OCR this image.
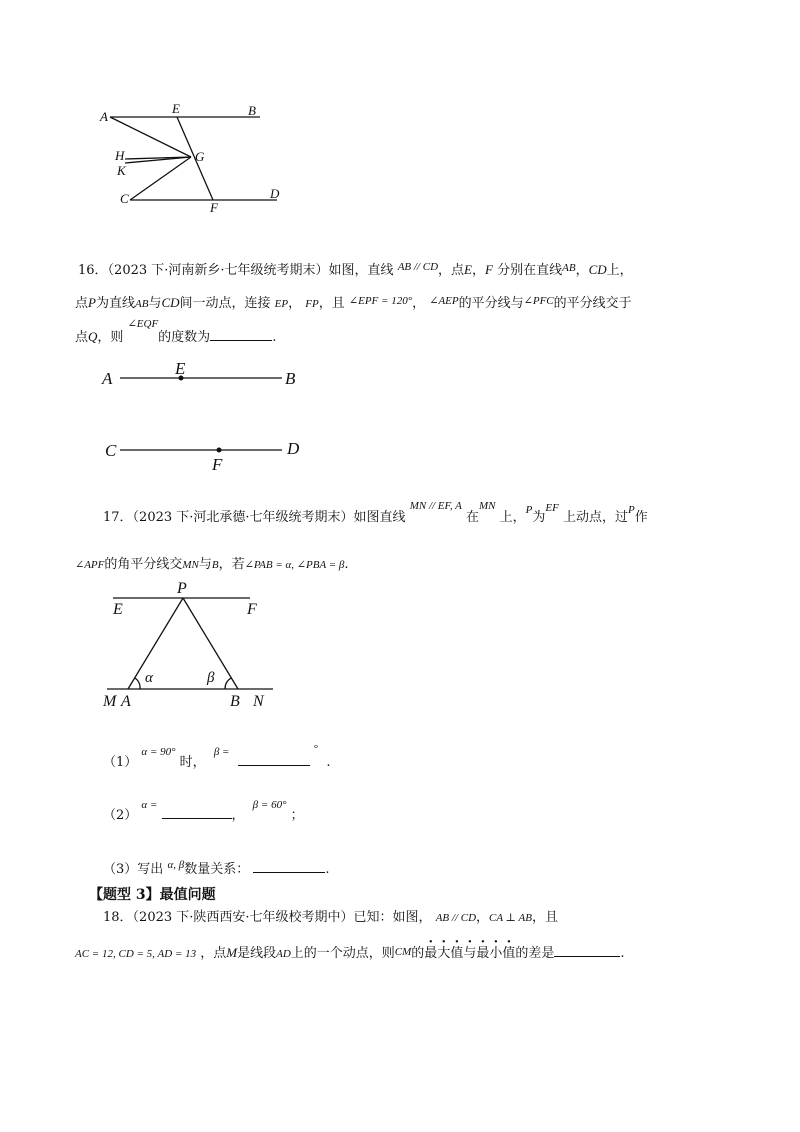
A
E	B
H	G
K
C	D
F
16．（2023 下·河南新乡·七年级统考期末）如图，直线 $^{AB // CD}$，点E，F 分别在直线$^{AB}$，CD上，
点P为直线AB与CD间一动点，连接 EP， FP，且 $^{\angle EPF = 120^\circ}$， $^{\angle AEP}$的平分线与$^{\angle PFC}$的平分线交于
点Q，则 $^{\angle EQF}$的度数为	.
A
E
B
C	D
F
17．（2023 下·河北承德·七年级统考期末）如图直线 $^{MN // EF, A}$ 在$^{MN}$ 上，$^P$为$^{EF}$ 上动点，过$^P$作
∠APF的角平分线交MN与B，若∠PAB = α, ∠PBA = β.
P
E	F
α	β
M A	B N
（1） $^{\alpha = 90^\circ}$ 时， $^{\beta =}$	° .
（2） $^{\alpha =}$ ， $^{\beta = 60^\circ}$ ；
（3）写出 $^{\alpha, \beta}$数量关系：	.
【题型 3】最值问题
18．（2023 下·陕西西安·七年级校考期中）已知：如图， AB // CD，CA ⊥ AB，且
AC = 12, CD = 5, AD = 13 ，点M是线段AD上的一个动点，则CM的最大值与最小值的差是	.
